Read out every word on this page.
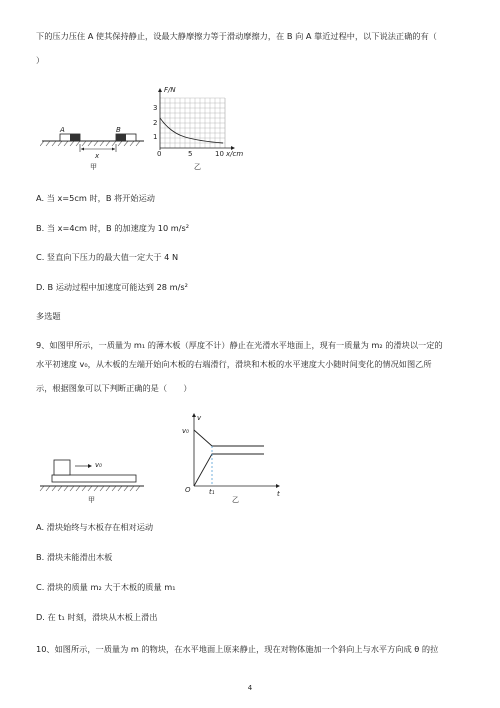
下的压力压住 A 使其保持静止，设最大静摩擦力等于滑动摩擦力，在 B 向 A 靠近过程中，以下说法正确的有（
）
A	B
x
甲
F/N
3
2
1
0	5	10 x/cm
乙
A. 当 x=5cm 时，B 将开始运动
B. 当 x=4cm 时，B 的加速度为 10 m/s²
C. 竖直向下压力的最大值一定大于 4 N
D. B 运动过程中加速度可能达到 28 m/s²
多选题
9、如图甲所示，一质量为 m₁ 的薄木板（厚度不计）静止在光滑水平地面上，现有一质量为 m₂ 的滑块以一定的
水平初速度 v₀，从木板的左端开始向木板的右端滑行，滑块和木板的水平速度大小随时间变化的情况如图乙所
示，根据图象可以下判断正确的是（　　）
v₀
甲
v
v₀
O	t₁	t
乙
A. 滑块始终与木板存在相对运动
B. 滑块未能滑出木板
C. 滑块的质量 m₂ 大于木板的质量 m₁
D. 在 t₁ 时刻，滑块从木板上滑出
10、如图所示，一质量为 m 的物块，在水平地面上原来静止，现在对物体施加一个斜向上与水平方向成 θ 的拉
4
